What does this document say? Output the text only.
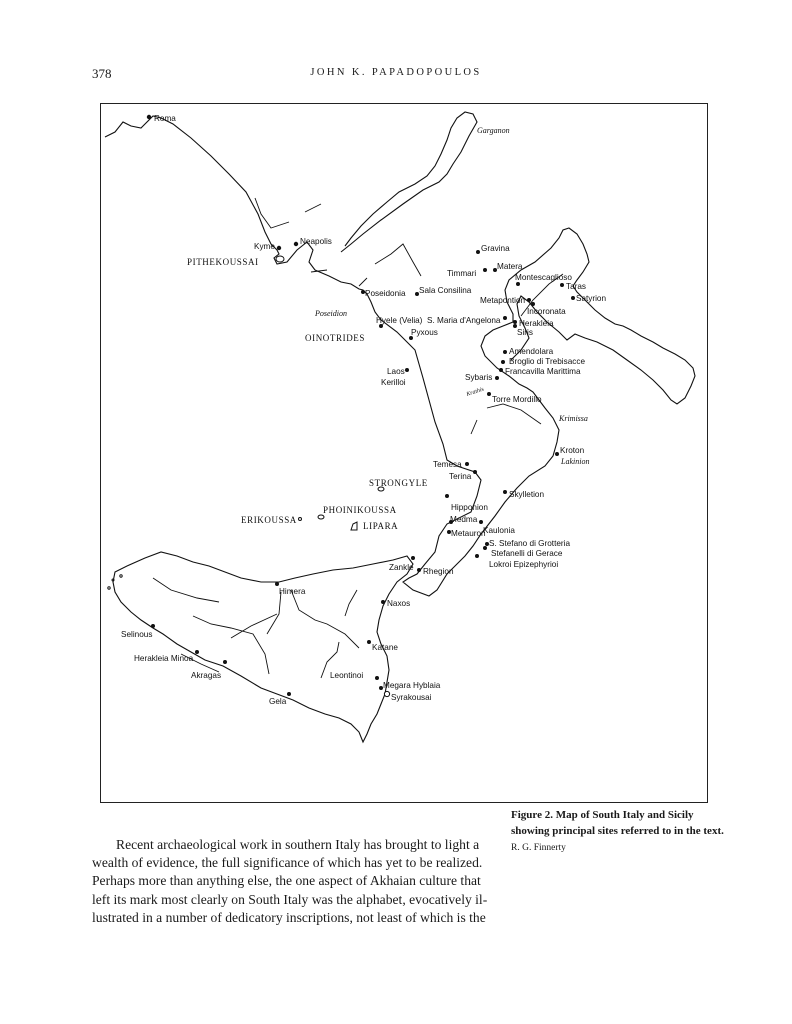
378	JOHN K. PAPADOPOULOS
Roma
Neapolis
Kyme	Gravina
Matera
Timmari	Montescaglioso
Taras
Satyrion
Metapontion
Incoronata
Sala Consilina
Poseidonia
Hyele (Velia) S. Maria d'Angelona Herakleia
Siris
Pyxous
Amendolara
Broglio di Trebisacce
Francavilla Marittima
Sybaris
Laos
Kerilloi
Torre Mordillo
Kroton
Temesa
Terina
Skylletion
Hipponion
Medma
Metauron
Kaulonia
S. Stefano di Grotteria
Stefanelli di Gerace
Lokroi Epizephyrioi
Zankle Rhegion
Himera
Naxos
Selinous
Herakleia Minoa
Katane
Akragas	Leontinoi
Megara Hyblaia
Syrakousai
Gela
PITHEKOUSSAI
OINOTRIDES
STRONGYLE
PHOINIKOUSSA
ERIKOUSSA
LIPARA
Garganon
Poseidion
Krimissa
Lakinion
Krathis
Figure 2. Map of South Italy and Sicily showing principal sites referred to in the text. R. G. Finnerty
Recent archaeological work in southern Italy has brought to light a
wealth of evidence, the full significance of which has yet to be realized.
Perhaps more than anything else, the one aspect of Akhaian culture that
left its mark most clearly on South Italy was the alphabet, evocatively il-
lustrated in a number of dedicatory inscriptions, not least of which is the
